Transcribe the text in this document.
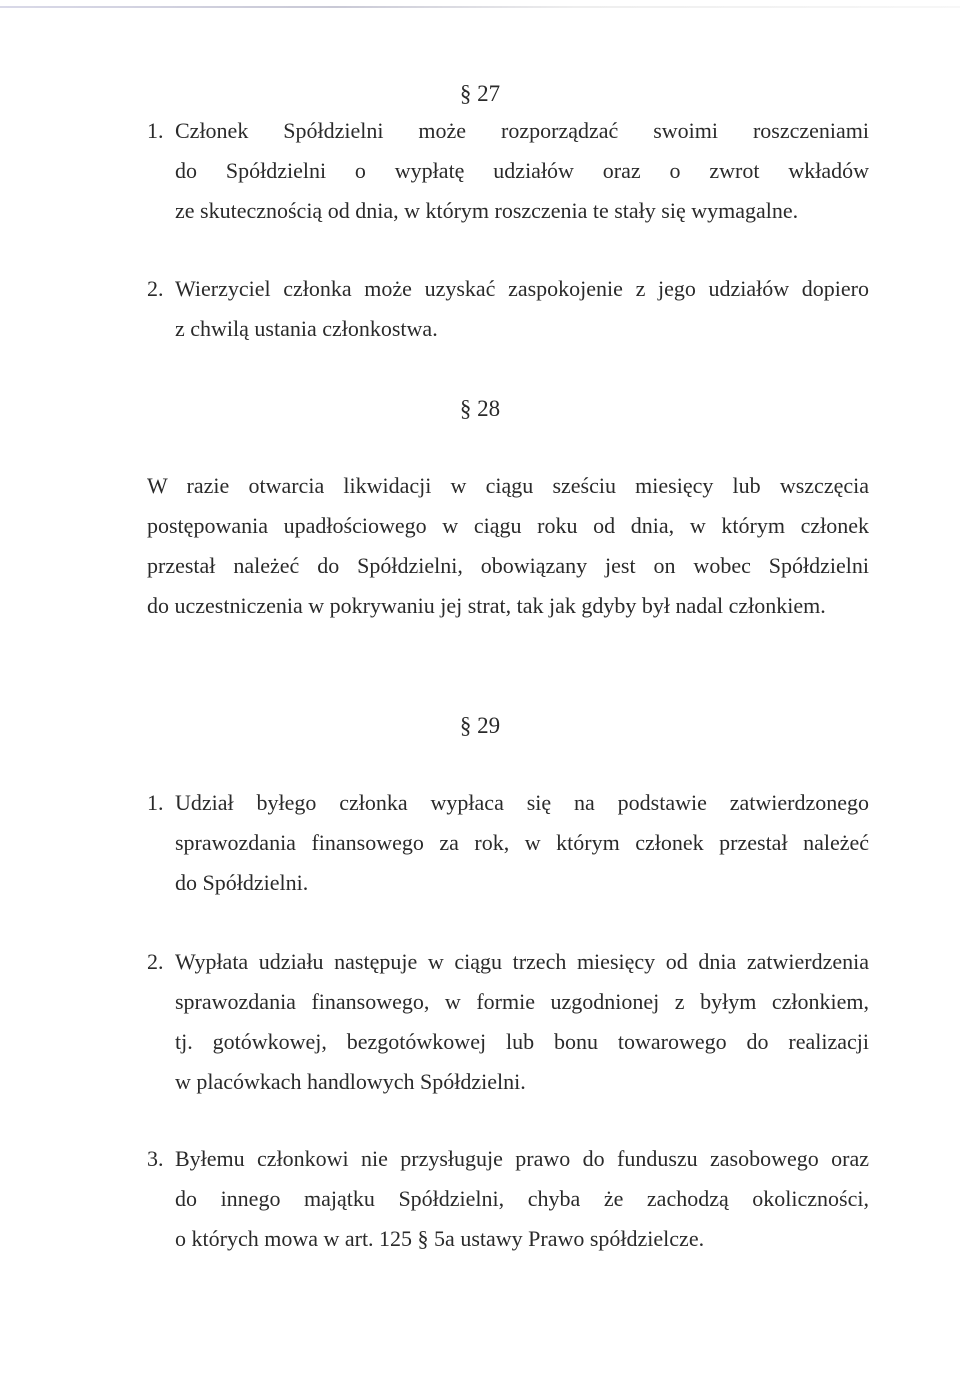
§ 27
1. Członek Spółdzielni może rozporządzać swoimi roszczeniami
do Spółdzielni o wypłatę udziałów oraz o zwrot wkładów
ze skutecznością od dnia, w którym roszczenia te stały się wymagalne.
2. Wierzyciel członka może uzyskać zaspokojenie z jego udziałów dopiero
z chwilą ustania członkostwa.
§ 28
W razie otwarcia likwidacji w ciągu sześciu miesięcy lub wszczęcia
postępowania upadłościowego w ciągu roku od dnia, w którym członek
przestał należeć do Spółdzielni, obowiązany jest on wobec Spółdzielni
do uczestniczenia w pokrywaniu jej strat, tak jak gdyby był nadal członkiem.
§ 29
1. Udział byłego członka wypłaca się na podstawie zatwierdzonego
sprawozdania finansowego za rok, w którym członek przestał należeć
do Spółdzielni.
2. Wypłata udziału następuje w ciągu trzech miesięcy od dnia zatwierdzenia
sprawozdania finansowego, w formie uzgodnionej z byłym członkiem,
tj. gotówkowej, bezgotówkowej lub bonu towarowego do realizacji
w placówkach handlowych Spółdzielni.
3. Byłemu członkowi nie przysługuje prawo do funduszu zasobowego oraz
do innego majątku Spółdzielni, chyba że zachodzą okoliczności,
o których mowa w art. 125 § 5a ustawy Prawo spółdzielcze.
